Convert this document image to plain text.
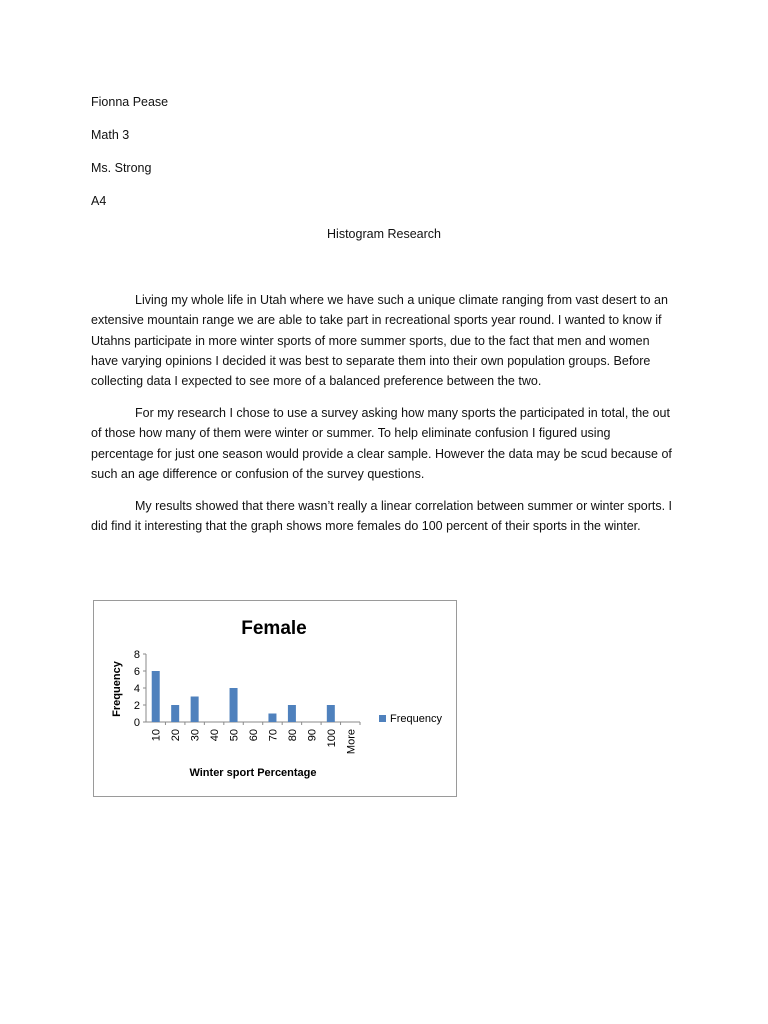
Fionna Pease
Math 3
Ms. Strong
A4
Histogram Research

Living my whole life in Utah where we have such a unique climate ranging from vast desert to an extensive mountain range we are able to take part in recreational sports year round. I wanted to know if Utahns participate in more winter sports of more summer sports, due to the fact that men and women have varying opinions I decided it was best to separate them into their own population groups. Before collecting data I expected to see more of a balanced preference between the two.

For my research I chose to use a survey asking how many sports the participated in total, the out of those how many of them were winter or summer. To help eliminate confusion I figured using percentage for just one season would provide a clear sample. However the data may be scud because of such an age difference or confusion of the survey questions.

My results showed that there wasn’t really a linear correlation between summer or winter sports. I did find it interesting that the graph shows more females do 100 percent of their sports in the winter.

Female
Frequency
Winter sport Percentage
0
2
4
6
8
10 20 30 40 50 60 70 80 90 100 More
Frequency
